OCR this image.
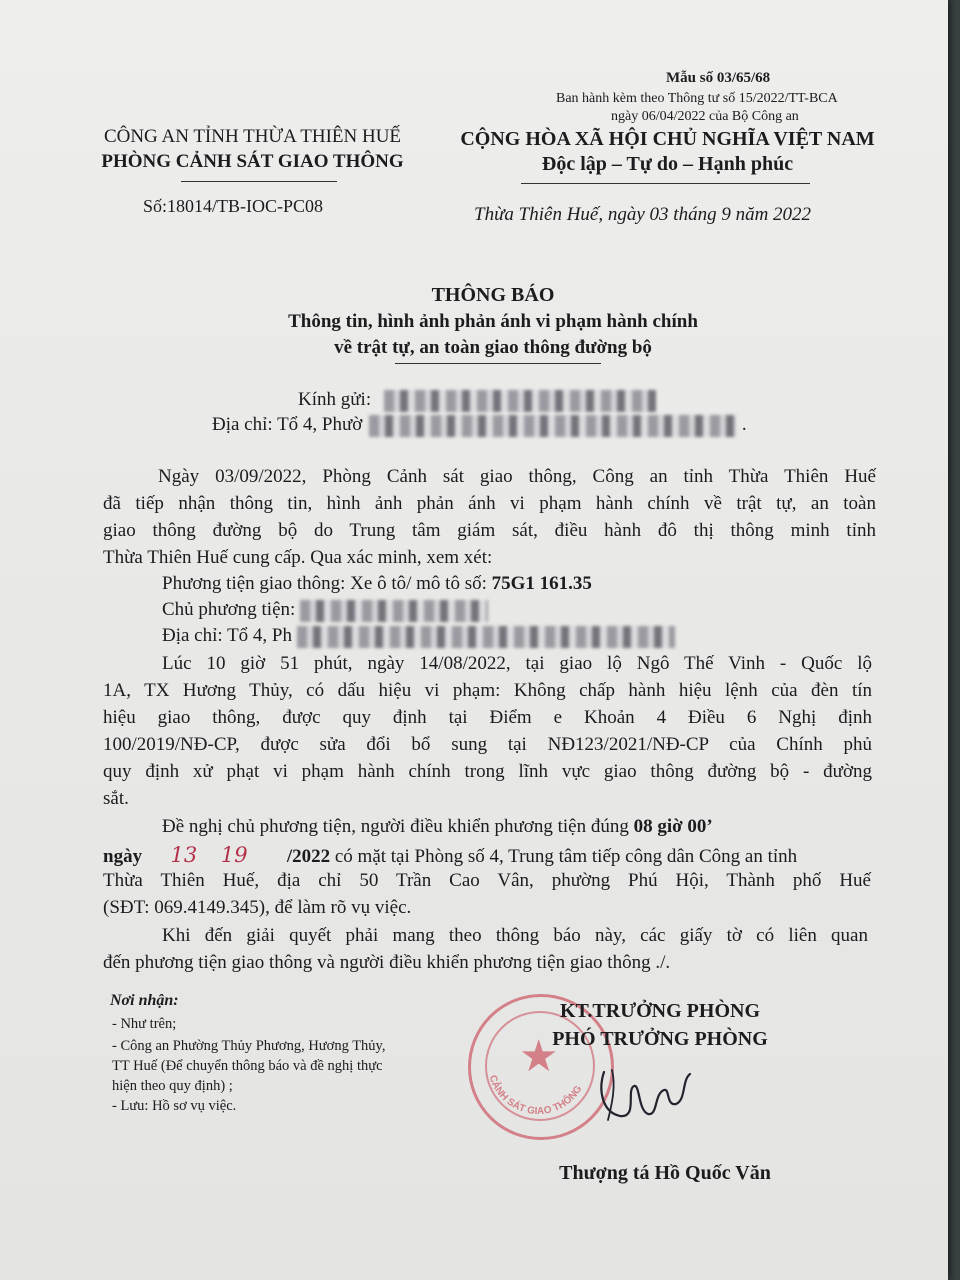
Mẫu số 03/65/68
Ban hành kèm theo Thông tư số 15/2022/TT-BCA
ngày 06/04/2022 của Bộ Công an
CÔNG AN TỈNH THỪA THIÊN HUẾ
PHÒNG CẢNH SÁT GIAO THÔNG
Số:18014/TB-IOC-PC08
CỘNG HÒA XÃ HỘI CHỦ NGHĨA VIỆT NAM
Độc lập – Tự do – Hạnh phúc
Thừa Thiên Huế, ngày 03 tháng 9 năm 2022
THÔNG BÁO
Thông tin, hình ảnh phản ánh vi phạm hành chính
về trật tự, an toàn giao thông đường bộ
Kính gửi:
Địa chỉ: Tổ 4, Phườ	.
Ngày 03/09/2022, Phòng Cảnh sát giao thông, Công an tỉnh Thừa Thiên Huế
đã tiếp nhận thông tin, hình ảnh phản ánh vi phạm hành chính về trật tự, an toàn
giao thông đường bộ do Trung tâm giám sát, điều hành đô thị thông minh tỉnh
Thừa Thiên Huế cung cấp. Qua xác minh, xem xét:
Phương tiện giao thông: Xe ô tô/ mô tô số: 75G1 161.35
Chủ phương tiện:
Địa chỉ: Tổ 4, Ph
Lúc 10 giờ 51 phút, ngày 14/08/2022, tại giao lộ Ngô Thế Vinh - Quốc lộ
1A, TX Hương Thủy, có dấu hiệu vi phạm: Không chấp hành hiệu lệnh của đèn tín
hiệu giao thông, được quy định tại Điểm e Khoản 4 Điều 6 Nghị định
100/2019/NĐ-CP, được sửa đổi bổ sung tại NĐ123/2021/NĐ-CP của Chính phủ
quy định xử phạt vi phạm hành chính trong lĩnh vực giao thông đường bộ - đường
sắt.
Đề nghị chủ phương tiện, người điều khiển phương tiện đúng 08 giờ 00’
ngày 13 19 /2022 có mặt tại Phòng số 4, Trung tâm tiếp công dân Công an tỉnh
Thừa Thiên Huế, địa chỉ 50 Trần Cao Vân, phường Phú Hội, Thành phố Huế
(SĐT: 069.4149.345), để làm rõ vụ việc.
Khi đến giải quyết phải mang theo thông báo này, các giấy tờ có liên quan
đến phương tiện giao thông và người điều khiển phương tiện giao thông ./.
Nơi nhận:
- Như trên;
- Công an Phường Thủy Phương, Hương Thủy,
TT Huế (Để chuyển thông báo và đề nghị thực
hiện theo quy định) ;
- Lưu: Hồ sơ vụ việc.
★
CẢNH SÁT GIAO THÔNG
KT.TRƯỞNG PHÒNG
PHÓ TRƯỞNG PHÒNG
Thượng tá Hồ Quốc Văn
